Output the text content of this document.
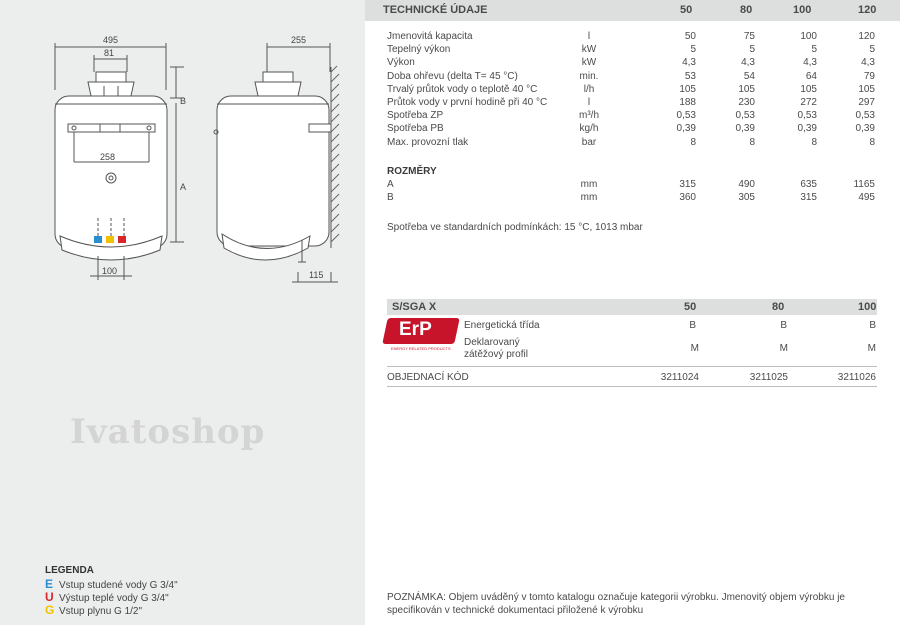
495
81
258
100
B
A
255
115
Ivatoshop
LEGENDA
E Vstup studené vody G 3/4"
U Výstup teplé vody G 3/4"
G Vstup plynu G 1/2"
TECHNICKÉ ÚDAJE	50	80	100	120
Jmenovitá kapacita	l	50	75	100	120
Tepelný výkon	kW	5	5	5	5
Výkon	kW	4,3	4,3	4,3	4,3
Doba ohřevu (delta T= 45 °C)	min.	53	54	64	79
Trvalý průtok vody o teplotě 40 °C	l/h	105	105	105	105
Průtok vody v první hodině při 40 °C	l	188	230	272	297
Spotřeba ZP	m³/h	0,53	0,53	0,53	0,53
Spotřeba PB	kg/h	0,39	0,39	0,39	0,39
Max. provozní tlak	bar	8	8	8	8
ROZMĚRY
A	mm	315	490	635	1165
B	mm	360	305	315	495
Spotřeba ve standardních podmínkách: 15 °C, 1013 mbar
S/SGA X	50	80	100
ErP
ENERGY RELATED PRODUCTS
Energetická třída	B	B	B
Deklarovaný
zátěžový profil
M	M	M
OBJEDNACÍ KÓD	3211024	3211025	3211026
POZNÁMKA: Objem uváděný v tomto katalogu označuje kategorii výrobku. Jmenovitý objem výrobku je
specifikován v technické dokumentaci přiložené k výrobku
